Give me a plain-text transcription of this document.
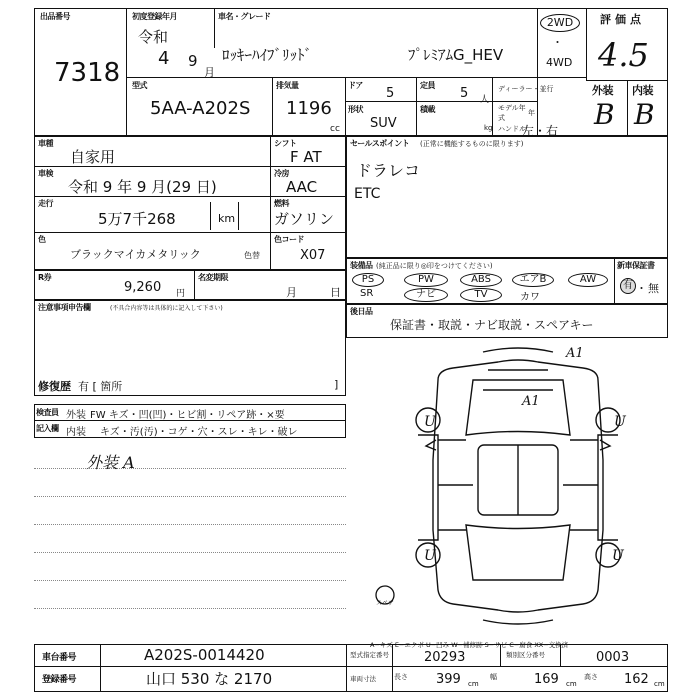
出品番号
7318
初度登録年月
令和
4 9
月
車名・グレード
ﾛｯｷｰﾊｲﾌﾞﾘｯﾄﾞ	ﾌﾟﾚﾐｱﾑG_HEV
2WD
・
4WD
評価点
4.5
型式
5AA-A202S
排気量
1196
cc
ドア
5
定員
5 人
ディーラー・並行
モデル年式
年
形状
SUV
積載
kg ハンドル
左・右
外装 内装
B B
車種
自家用
車検
令和 9 年 9 月(29 日)
シフト
F AT
冷房
AAC
走行
5万7千268	km
燃料
ガソリン
色
ブラックマイカメタリック	色替
色コード
X07
R券
9,260 円
名変期限
月	日
注意事項申告欄	(不具合内容等は具体的に記入して下さい)
修復歴 有 [ 箇所	]
セールスポイント (正常に機能するものに限ります)
ドラレコ
ETC
装備品 (純正品に限り◎印をつけてください)
PS	PW	ABS	エアB	AW
SR	ナビ	TV	カワ
新車保証書
有 ・ 無
後日品
保証書・取説・ナビ取説・スペアキー
検査員
記入欄
外装 FW キズ・凹(凹)・ヒビ割・リペア跡・×要
内装 キズ・汚(汚)・コゲ・穴・スレ・キレ・破レ
外装 A
スペア
A1
A1
U	U
U	U
A−キズ E−エクボ U−凹み W−補修跡 S−サビ C−腐食 XX−交換済
車台番号	A202S-0014420
登録番号	山口 530 な 2170
型式指定番号	20293	類別区分番号	0003
車両寸法	長さ 399 cm
幅	169 cm
高さ 162 cm
